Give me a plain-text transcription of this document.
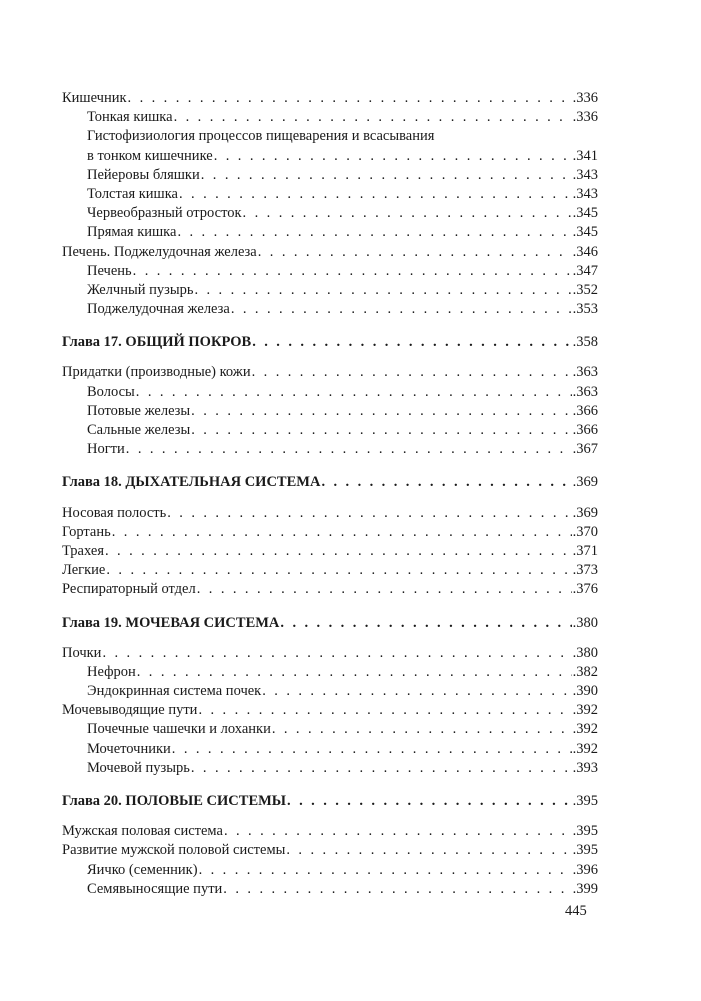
Кишечник . . .	.336
Тонкая кишка . . .	.336
Гистофизиология процессов пищеварения и всасывания
в тонком кишечнике . . .	.341
Пейеровы бляшки . . .	.343
Толстая кишка . . .	.343
Червеобразный отросток . . .	.345
Прямая кишка . . .	.345
Печень. Поджелудочная железа . . .	.346
Печень . . .	.347
Желчный пузырь . . .	.352
Поджелудочная железа . . .	.353
Глава 17. ОБЩИЙ ПОКРОВ . . .	.358
Придатки (производные) кожи . . .	.363
Волосы . . .	.363
Потовые железы . . .	.366
Сальные железы . . .	.366
Ногти . . .	.367
Глава 18. ДЫХАТЕЛЬНАЯ СИСТЕМА . . .	.369
Носовая полость . . .	.369
Гортань . . .	.370
Трахея . . .	.371
Легкие . . .	.373
Респираторный отдел . . .	.376
Глава 19. МОЧЕВАЯ СИСТЕМА . . .	.380
Почки . . .	.380
Нефрон . . .	.382
Эндокринная система почек . . .	.390
Мочевыводящие пути . . .	.392
Почечные чашечки и лоханки . . .	.392
Мочеточники . . .	.392
Мочевой пузырь . . .	.393
Глава 20. ПОЛОВЫЕ СИСТЕМЫ . . .	.395
Мужская половая система . . .	.395
Развитие мужской половой системы . . .	.395
Яичко (семенник) . . .	.396
Семявыносящие пути . . .	.399
445
